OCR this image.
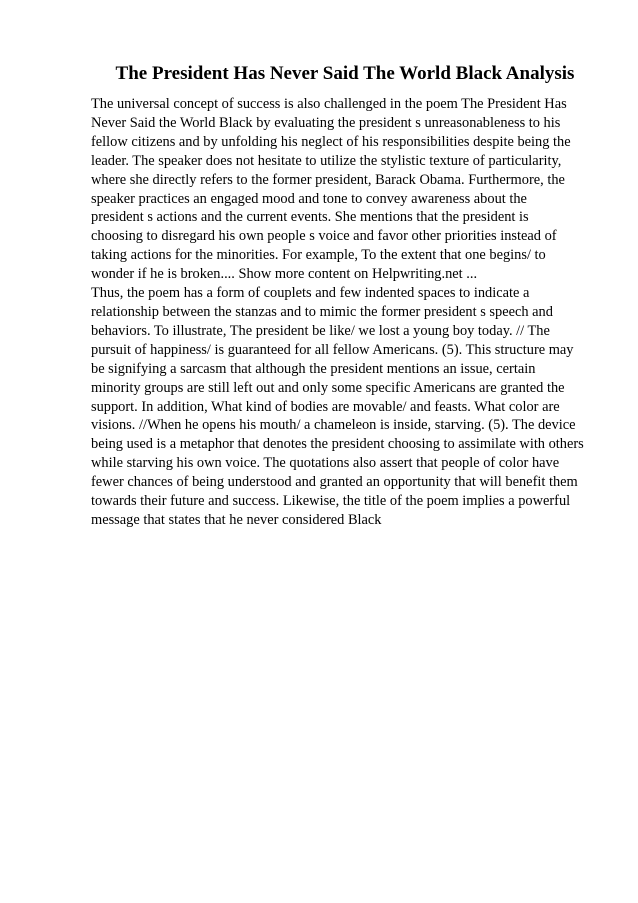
The President Has Never Said The World Black Analysis
The universal concept of success is also challenged in the poem The President Has
Never Said the World Black by evaluating the president s unreasonableness to his
fellow citizens and by unfolding his neglect of his responsibilities despite being the
leader. The speaker does not hesitate to utilize the stylistic texture of particularity,
where she directly refers to the former president, Barack Obama. Furthermore, the
speaker practices an engaged mood and tone to convey awareness about the
president s actions and the current events. She mentions that the president is
choosing to disregard his own people s voice and favor other priorities instead of
taking actions for the minorities. For example, To the extent that one begins/ to
wonder if he is broken.... Show more content on Helpwriting.net ...
Thus, the poem has a form of couplets and few indented spaces to indicate a
relationship between the stanzas and to mimic the former president s speech and
behaviors. To illustrate, The president be like/ we lost a young boy today. // The
pursuit of happiness/ is guaranteed for all fellow Americans. (5). This structure may
be signifying a sarcasm that although the president mentions an issue, certain
minority groups are still left out and only some specific Americans are granted the
support. In addition, What kind of bodies are movable/ and feasts. What color are
visions. //When he opens his mouth/ a chameleon is inside, starving. (5). The device
being used is a metaphor that denotes the president choosing to assimilate with others
while starving his own voice. The quotations also assert that people of color have
fewer chances of being understood and granted an opportunity that will benefit them
towards their future and success. Likewise, the title of the poem implies a powerful
message that states that he never considered Black
